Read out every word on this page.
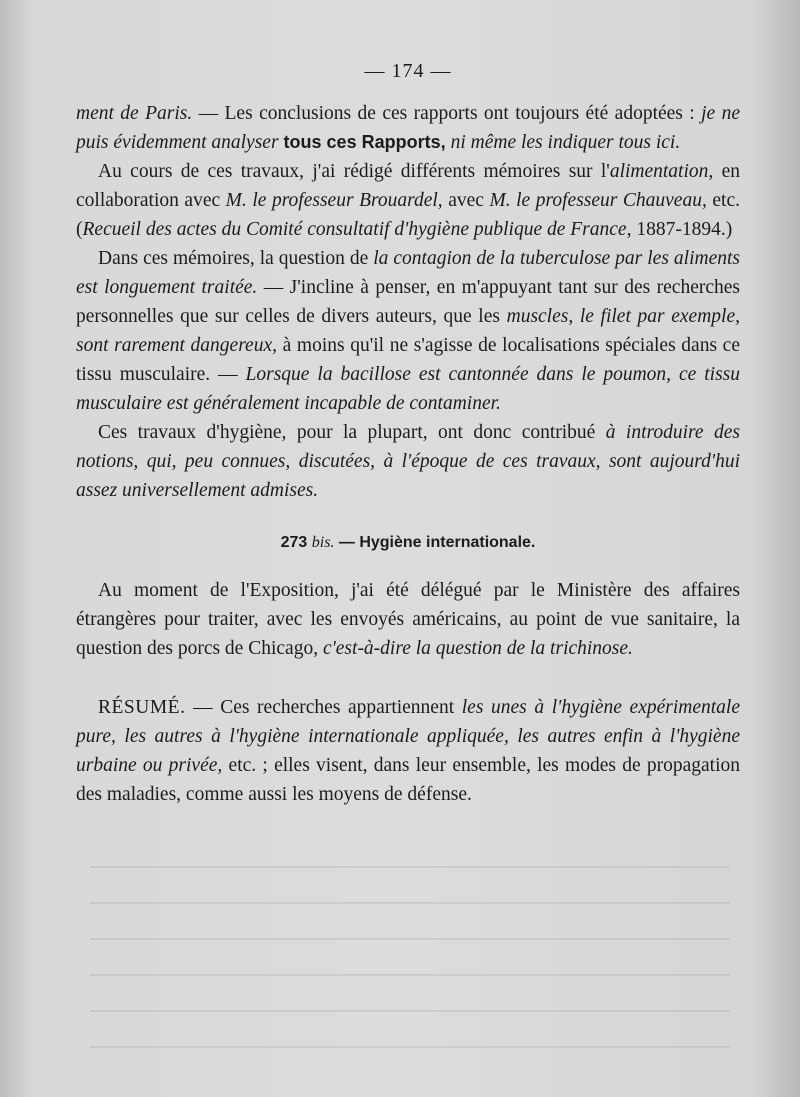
— 174 —

ment de Paris. — Les conclusions de ces rapports ont toujours été adoptées : je ne puis évidemment analyser tous ces Rapports, ni même les indiquer tous ici.

Au cours de ces travaux, j'ai rédigé différents mémoires sur l'alimentation, en collaboration avec M. le professeur Brouardel, avec M. le professeur Chauveau, etc. (Recueil des actes du Comité consultatif d'hygiène publique de France, 1887-1894.)

Dans ces mémoires, la question de la contagion de la tuberculose par les aliments est longuement traitée. — J'incline à penser, en m'appuyant tant sur des recherches personnelles que sur celles de divers auteurs, que les muscles, le filet par exemple, sont rarement dangereux, à moins qu'il ne s'agisse de localisations spéciales dans ce tissu musculaire. — Lorsque la bacillose est cantonnée dans le poumon, ce tissu musculaire est généralement incapable de contaminer.

Ces travaux d'hygiène, pour la plupart, ont donc contribué à introduire des notions, qui, peu connues, discutées, à l'époque de ces travaux, sont aujourd'hui assez universellement admises.

273 bis. — Hygiène internationale.

Au moment de l'Exposition, j'ai été délégué par le Ministère des affaires étrangères pour traiter, avec les envoyés américains, au point de vue sanitaire, la question des porcs de Chicago, c'est-à-dire la question de la trichinose.

RÉSUMÉ. — Ces recherches appartiennent les unes à l'hygiène expérimentale pure, les autres à l'hygiène internationale appliquée, les autres enfin à l'hygiène urbaine ou privée, etc. ; elles visent, dans leur ensemble, les modes de propagation des maladies, comme aussi les moyens de défense.
